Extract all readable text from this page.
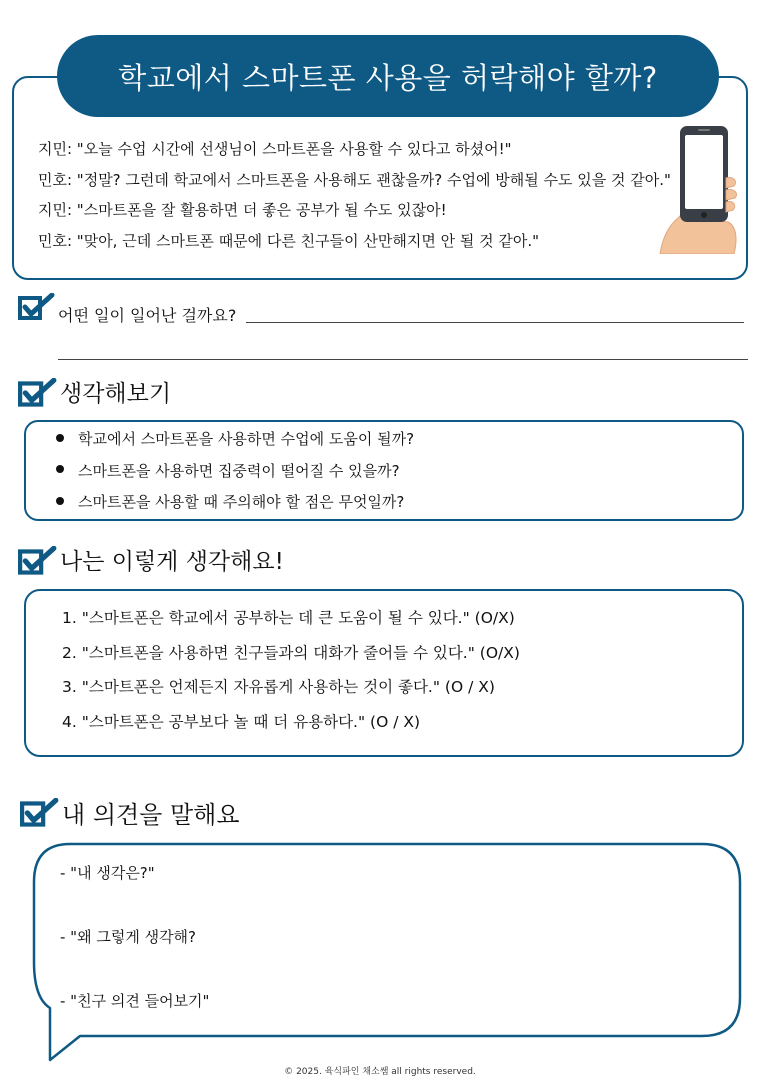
학교에서 스마트폰 사용을 허락해야 할까?
지민: "오늘 수업 시간에 선생님이 스마트폰을 사용할 수 있다고 하셨어!"
민호: "정말? 그런데 학교에서 스마트폰을 사용해도 괜찮을까? 수업에 방해될 수도 있을 것 같아."
지민: "스마트폰을 잘 활용하면 더 좋은 공부가 될 수도 있잖아!
민호: "맞아, 근데 스마트폰 때문에 다른 친구들이 산만해지면 안 될 것 같아."
어떤 일이 일어난 걸까요?
생각해보기
학교에서 스마트폰을 사용하면 수업에 도움이 될까?
스마트폰을 사용하면 집중력이 떨어질 수 있을까?
스마트폰을 사용할 때 주의해야 할 점은 무엇일까?
나는 이렇게 생각해요!
1. "스마트폰은 학교에서 공부하는 데 큰 도움이 될 수 있다." (O/X)
2. "스마트폰을 사용하면 친구들과의 대화가 줄어들 수 있다." (O/X)
3. "스마트폰은 언제든지 자유롭게 사용하는 것이 좋다." (O / X)
4. "스마트폰은 공부보다 놀 때 더 유용하다." (O / X)
내 의견을 말해요
- "내 생각은?"
- "왜 그렇게 생각해?
- "친구 의견 들어보기"
© 2025. 육식파인 채소쌤 all rights reserved.
